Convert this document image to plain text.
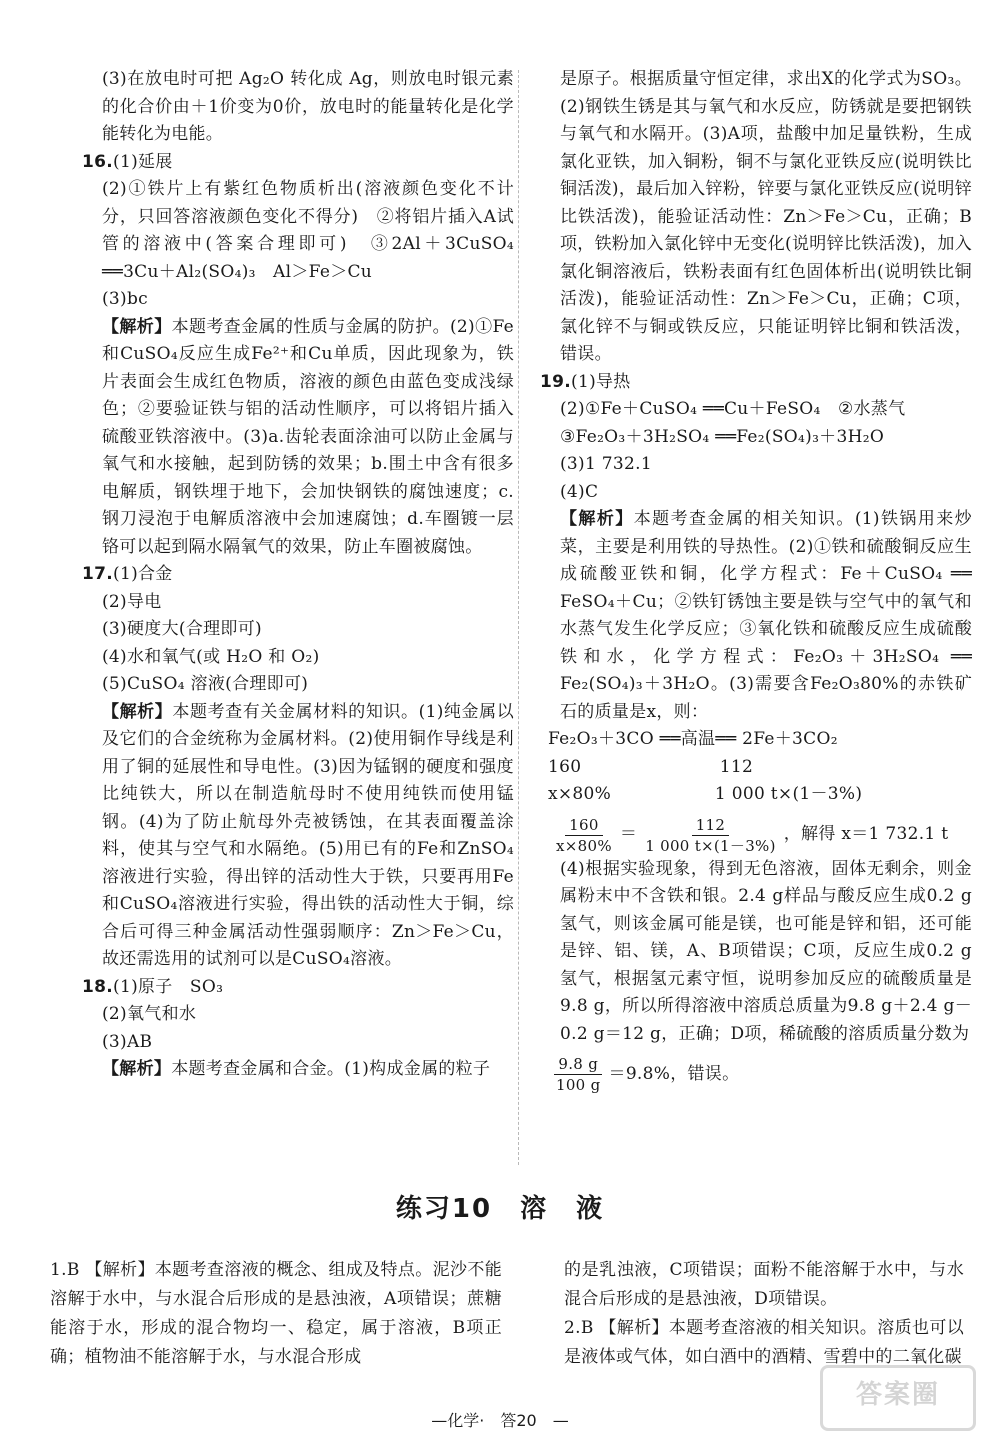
(3)在放电时可把 Ag₂O 转化成 Ag，则放电时银元素的化合价由＋1价变为0价，放电时的能量转化是化学能转化为电能。

16.(1)延展

(2)①铁片上有紫红色物质析出(溶液颜色变化不计分，只回答溶液颜色变化不得分)　②将铝片插入A试管的溶液中(答案合理即可)　③2Al＋3CuSO₄ ══3Cu＋Al₂(SO₄)₃　Al＞Fe＞Cu

(3)bc

【解析】本题考查金属的性质与金属的防护。(2)①Fe和CuSO₄反应生成Fe²⁺和Cu单质，因此现象为，铁片表面会生成红色物质，溶液的颜色由蓝色变成浅绿色；②要验证铁与铝的活动性顺序，可以将铝片插入硫酸亚铁溶液中。(3)a.齿轮表面涂油可以防止金属与氧气和水接触，起到防锈的效果；b.围土中含有很多电解质，钢铁埋于地下，会加快钢铁的腐蚀速度；c.钢刀浸泡于电解质溶液中会加速腐蚀；d.车圈镀一层铬可以起到隔水隔氧气的效果，防止车圈被腐蚀。

17.(1)合金

(2)导电

(3)硬度大(合理即可)

(4)水和氧气(或 H₂O 和 O₂)

(5)CuSO₄ 溶液(合理即可)

【解析】本题考查有关金属材料的知识。(1)纯金属以及它们的合金统称为金属材料。(2)使用铜作导线是利用了铜的延展性和导电性。(3)因为锰钢的硬度和强度比纯铁大，所以在制造航母时不使用纯铁而使用锰钢。(4)为了防止航母外壳被锈蚀，在其表面覆盖涂料，使其与空气和水隔绝。(5)用已有的Fe和ZnSO₄溶液进行实验，得出锌的活动性大于铁，只要再用Fe和CuSO₄溶液进行实验，得出铁的活动性大于铜，综合后可得三种金属活动性强弱顺序：Zn＞Fe＞Cu，故还需选用的试剂可以是CuSO₄溶液。

18.(1)原子　SO₃

(2)氧气和水

(3)AB

【解析】本题考查金属和合金。(1)构成金属的粒子

是原子。根据质量守恒定律，求出X的化学式为SO₃。(2)钢铁生锈是其与氧气和水反应，防锈就是要把钢铁与氧气和水隔开。(3)A项，盐酸中加足量铁粉，生成氯化亚铁，加入铜粉，铜不与氯化亚铁反应(说明铁比铜活泼)，最后加入锌粉，锌要与氯化亚铁反应(说明锌比铁活泼)，能验证活动性：Zn＞Fe＞Cu，正确；B项，铁粉加入氯化锌中无变化(说明锌比铁活泼)，加入氯化铜溶液后，铁粉表面有红色固体析出(说明铁比铜活泼)，能验证活动性：Zn＞Fe＞Cu，正确；C项，氯化锌不与铜或铁反应，只能证明锌比铜和铁活泼，错误。

19.(1)导热

(2)①Fe＋CuSO₄ ══Cu＋FeSO₄　②水蒸气

③Fe₂O₃＋3H₂SO₄ ══Fe₂(SO₄)₃＋3H₂O

(3)1 732.1

(4)C

【解析】本题考查金属的相关知识。(1)铁锅用来炒菜，主要是利用铁的导热性。(2)①铁和硫酸铜反应生成硫酸亚铁和铜，化学方程式：Fe＋CuSO₄ ══ FeSO₄＋Cu；②铁钉锈蚀主要是铁与空气中的氧气和水蒸气发生化学反应；③氧化铁和硫酸反应生成硫酸铁和水，化学方程式：Fe₂O₃＋3H₂SO₄ ══ Fe₂(SO₄)₃＋3H₂O。(3)需要含Fe₂O₃80%的赤铁矿石的质量是x，则：

Fe₂O₃＋3CO ══高温══ 2Fe＋3CO₂

160　　　　　　　　112

x×80%　　　　　　1 000 t×(1－3%)

$\frac{160}{x\times 80\%} = \frac{112}{1 000 t\times(1-3\%)}$ ，解得 x＝1 732.1 t

(4)根据实验现象，得到无色溶液，固体无剩余，则金属粉末中不含铁和银。2.4 g样品与酸反应生成0.2 g氢气，则该金属可能是镁，也可能是锌和铝，还可能是锌、铝、镁，A、B项错误；C项，反应生成0.2 g氢气，根据氢元素守恒，说明参加反应的硫酸质量是9.8 g，所以所得溶液中溶质总质量为9.8 g＋2.4 g－0.2 g＝12 g，正确；D项，稀硫酸的溶质质量分数为

$\frac{9.8 g}{100 g} =9.8\%$，错误。
练习10　溶　液

1.B 【解析】本题考查溶液的概念、组成及特点。泥沙不能溶解于水中，与水混合后形成的是悬浊液，A项错误；蔗糖能溶于水，形成的混合物均一、稳定，属于溶液，B项正确；植物油不能溶解于水，与水混合形成

的是乳浊液，C项错误；面粉不能溶解于水中，与水混合后形成的是悬浊液，D项错误。

2.B 【解析】本题考查溶液的相关知识。溶质也可以是液体或气体，如白酒中的酒精、雪碧中的二氧化碳

—化学·　答20　—
答案圈
